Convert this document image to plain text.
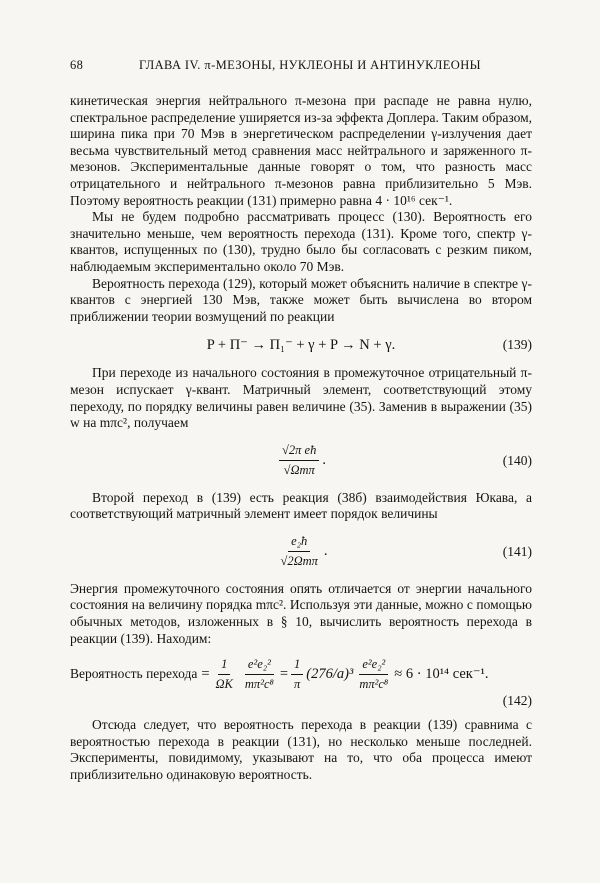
68	ГЛАВА IV. π-МЕЗОНЫ, НУКЛЕОНЫ И АНТИНУКЛЕОНЫ

кинетическая энергия нейтрального π-мезона при распаде не равна нулю, спектральное распределение уширяется из-за эффекта Доплера. Таким образом, ширина пика при 70 Мэв в энергетическом распределении γ-излучения дает весьма чувствительный метод сравнения масс нейтрального и заряженного π-мезонов. Экспериментальные данные говорят о том, что разность масс отрицательного и нейтрального π-мезонов равна приблизительно 5 Мэв. Поэтому вероятность реакции (131) примерно равна 4 · 10¹⁶ сек⁻¹.

Мы не будем подробно рассматривать процесс (130). Вероятность его значительно меньше, чем вероятность перехода (131). Кроме того, спектр γ-квантов, испущенных по (130), трудно было бы согласовать с резким пиком, наблюдаемым экспериментально около 70 Мэв.

Вероятность перехода (129), который может объяснить наличие в спектре γ-квантов с энергией 130 Мэв, также может быть вычислена во втором приближении теории возмущений по реакции

P + Π⁻ → Π₁⁻ + γ + P → N + γ.	(139)

При переходе из начального состояния в промежуточное отрицательный π-мезон испускает γ-квант. Матричный элемент, соответствующий этому переходу, по порядку величины равен величине (35). Заменив в выражении (35) w на mπc², получаем

$\frac{\text{√2π eħ}}{\text{√Ωmπ}}$ .	(140)

Второй переход в (139) есть реакция (38б) взаимодействия Юкава, а соответствующий матричный элемент имеет порядок величины

$\frac{\text{e₂ħ}}{\text{√2Ωmπ}}$ .	(141)

Энергия промежуточного состояния опять отличается от энергии начального состояния на величину порядка mπc². Используя эти данные, можно с помощью обычных методов, изложенных в § 10, вычислить вероятность перехода в реакции (139). Находим:

Вероятность перехода = $\frac{1}{\Omega K} \frac{\text{e²e₂²}}{\text{mπ²c⁸}} = \frac{1}{\pi} (276/a)^3 \frac{\text{e²e₂²}}{\text{mπ²c⁸}} \approx 6 \cdot 10^{14}$ сек⁻¹.
(142)

Отсюда следует, что вероятность перехода в реакции (139) сравнима с вероятностью перехода в реакции (131), но несколько меньше последней. Эксперименты, повидимому, указывают на то, что оба процесса имеют приблизительно одинаковую вероятность.
